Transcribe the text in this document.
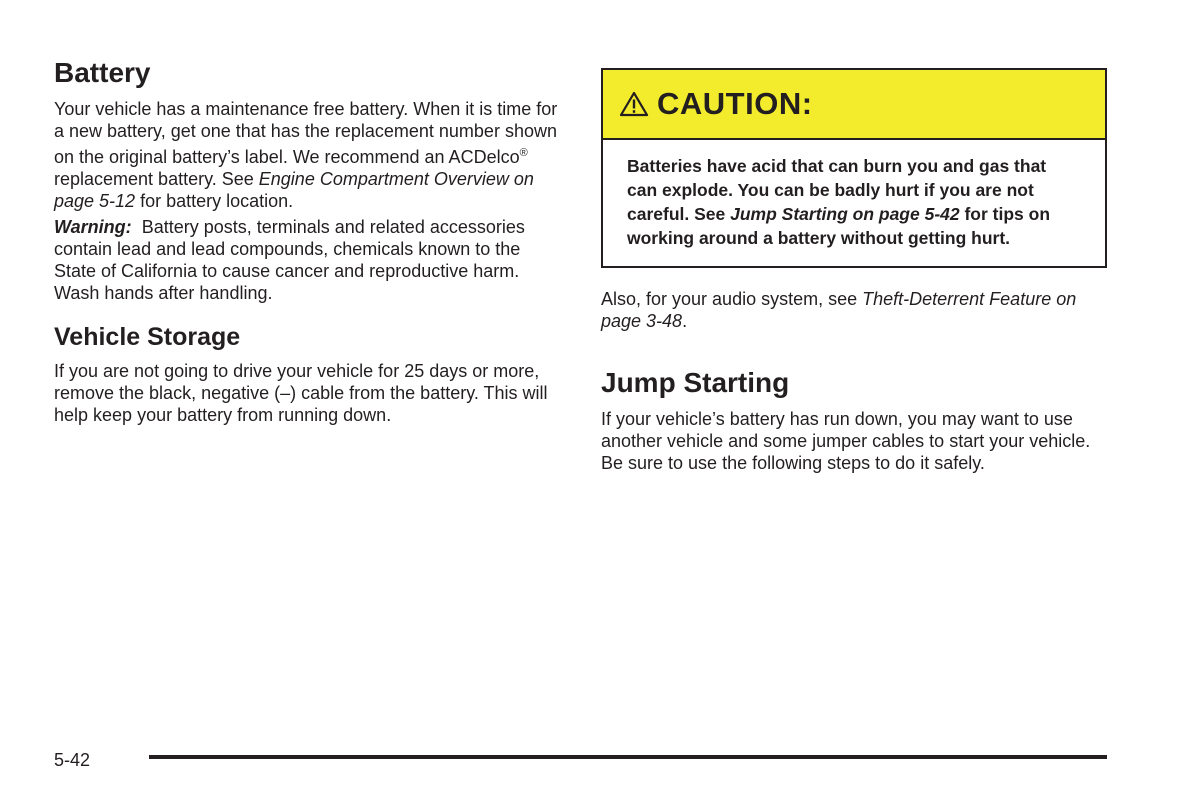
Battery

Your vehicle has a maintenance free battery. When it is time for a new battery, get one that has the replacement number shown on the original battery’s label. We recommend an ACDelco® replacement battery. See Engine Compartment Overview on page 5-12 for battery location.

Warning: Battery posts, terminals and related accessories contain lead and lead compounds, chemicals known to the State of California to cause cancer and reproductive harm. Wash hands after handling.

Vehicle Storage

If you are not going to drive your vehicle for 25 days or more, remove the black, negative (–) cable from the battery. This will help keep your battery from running down.

CAUTION:

Batteries have acid that can burn you and gas that can explode. You can be badly hurt if you are not careful. See Jump Starting on page 5-42 for tips on working around a battery without getting hurt.

Also, for your audio system, see Theft-Deterrent Feature on page 3-48.

Jump Starting

If your vehicle’s battery has run down, you may want to use another vehicle and some jumper cables to start your vehicle. Be sure to use the following steps to do it safely.

5-42
